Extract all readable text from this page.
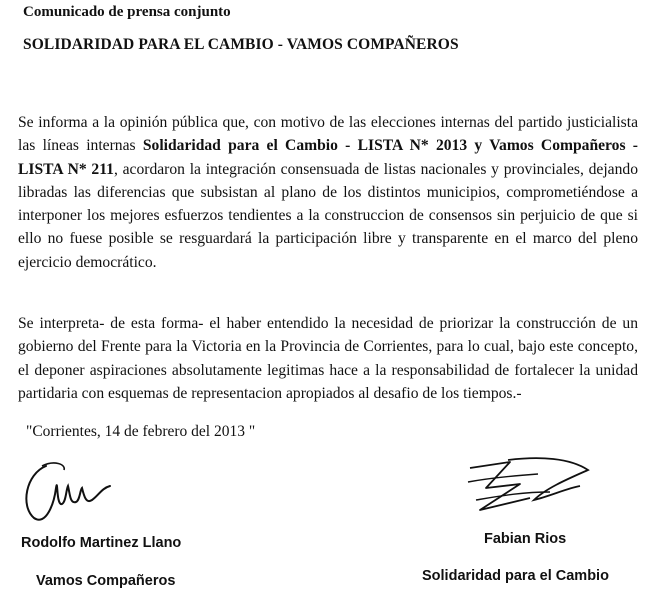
Comunicado de prensa conjunto
SOLIDARIDAD PARA EL CAMBIO - VAMOS COMPAÑEROS
Se informa a la opinión pública que, con motivo de las elecciones internas del partido justicialista las líneas internas Solidaridad para el Cambio - LISTA N* 2013 y Vamos Compañeros - LISTA N* 211, acordaron la integración consensuada de listas nacionales y provinciales, dejando libradas las diferencias que subsistan al plano de los distintos municipios, comprometiéndose a interponer los mejores esfuerzos tendientes a la construccion de consensos sin perjuicio de que si ello no fuese posible se resguardará la participación libre y transparente en el marco del pleno ejercicio democrático.
Se interpreta- de esta forma- el haber entendido la necesidad de priorizar la construcción de un gobierno del Frente para la Victoria en la Provincia de Corrientes, para lo cual, bajo este concepto, el deponer aspiraciones absolutamente legitimas hace a la responsabilidad de fortalecer la unidad partidaria con esquemas de representacion apropiados al desafio de los tiempos.-
"Corrientes, 14 de febrero del 2013 "
Rodolfo Martinez Llano
Vamos Compañeros
Fabian Rios
Solidaridad para el Cambio
